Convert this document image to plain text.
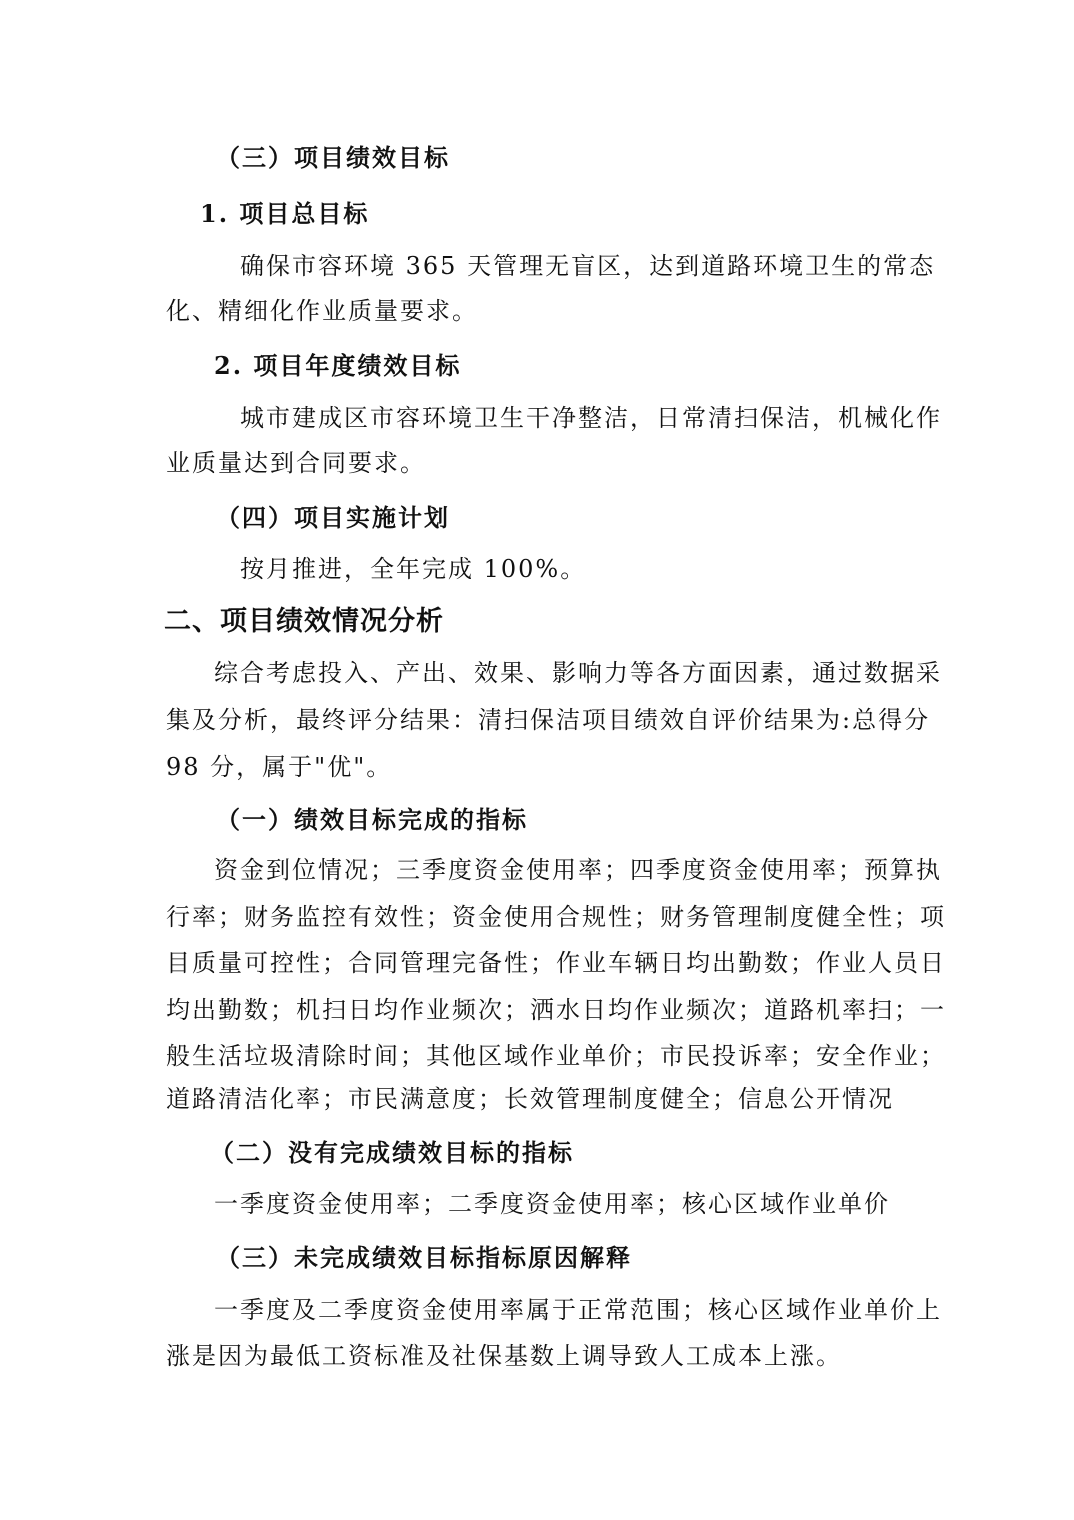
（三）项目绩效目标
1. 项目总目标
确保市容环境 365 天管理无盲区，达到道路环境卫生的常态
化、精细化作业质量要求。
2. 项目年度绩效目标
城市建成区市容环境卫生干净整洁，日常清扫保洁，机械化作
业质量达到合同要求。
（四）项目实施计划
按月推进，全年完成 100%。
二、项目绩效情况分析
综合考虑投入、产出、效果、影响力等各方面因素，通过数据采
集及分析，最终评分结果：清扫保洁项目绩效自评价结果为:总得分
98 分，属于"优"。
（一）绩效目标完成的指标
资金到位情况；三季度资金使用率；四季度资金使用率；预算执
行率；财务监控有效性；资金使用合规性；财务管理制度健全性；项
目质量可控性；合同管理完备性；作业车辆日均出勤数；作业人员日
均出勤数；机扫日均作业频次；洒水日均作业频次；道路机率扫；一
般生活垃圾清除时间；其他区域作业单价；市民投诉率；安全作业；
道路清洁化率；市民满意度；长效管理制度健全；信息公开情况
（二）没有完成绩效目标的指标
一季度资金使用率；二季度资金使用率；核心区域作业单价
（三）未完成绩效目标指标原因解释
一季度及二季度资金使用率属于正常范围；核心区域作业单价上
涨是因为最低工资标准及社保基数上调导致人工成本上涨。
